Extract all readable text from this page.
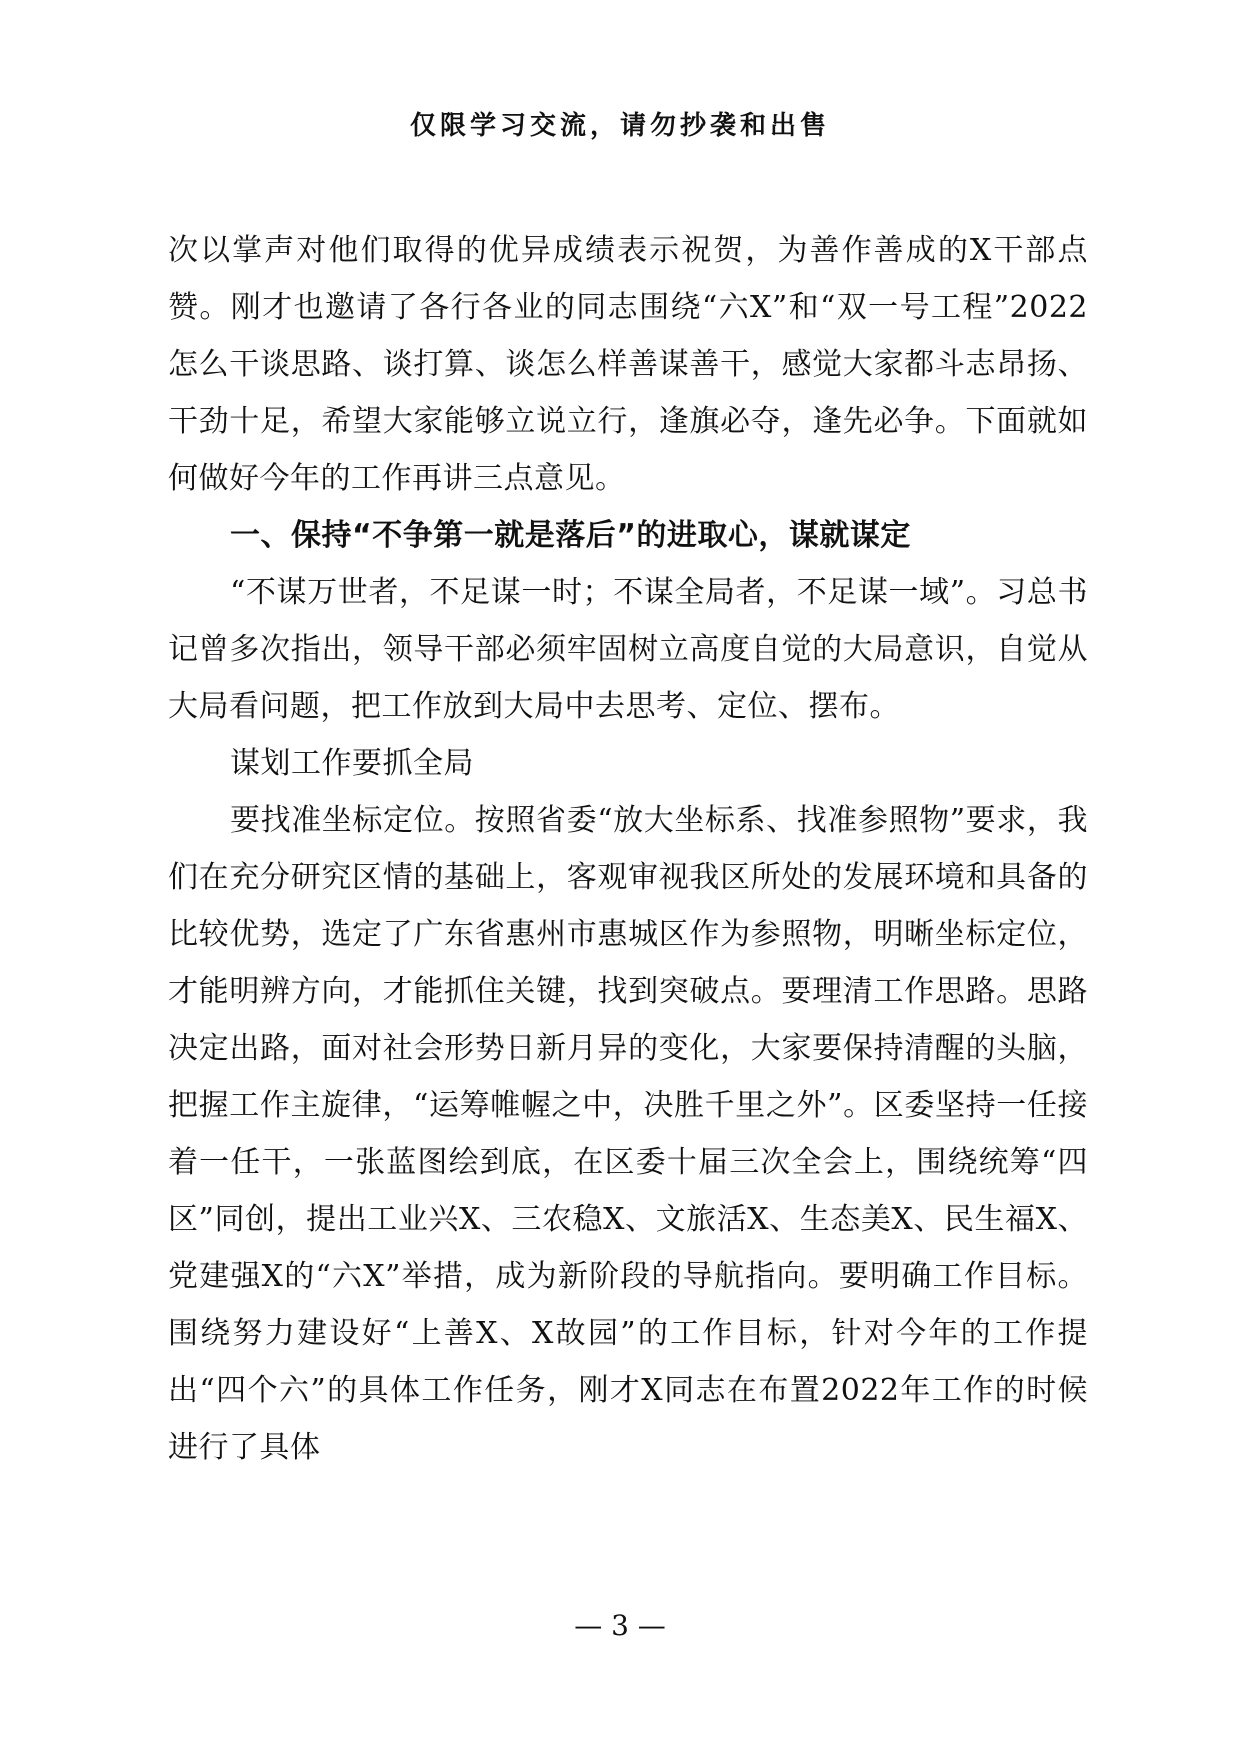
仅限学习交流，请勿抄袭和出售

次以掌声对他们取得的优异成绩表示祝贺，为善作善成的X干部点赞。刚才也邀请了各行各业的同志围绕“六X”和“双一号工程”2022怎么干谈思路、谈打算、谈怎么样善谋善干，感觉大家都斗志昂扬、干劲十足，希望大家能够立说立行，逢旗必夺，逢先必争。下面就如何做好今年的工作再讲三点意见。

一、保持“不争第一就是落后”的进取心，谋就谋定

“不谋万世者，不足谋一时；不谋全局者，不足谋一域”。习总书记曾多次指出，领导干部必须牢固树立高度自觉的大局意识，自觉从大局看问题，把工作放到大局中去思考、定位、摆布。

谋划工作要抓全局

要找准坐标定位。按照省委“放大坐标系、找准参照物”要求，我们在充分研究区情的基础上，客观审视我区所处的发展环境和具备的比较优势，选定了广东省惠州市惠城区作为参照物，明晰坐标定位，才能明辨方向，才能抓住关键，找到突破点。要理清工作思路。思路决定出路，面对社会形势日新月异的变化，大家要保持清醒的头脑，把握工作主旋律，“运筹帷幄之中，决胜千里之外”。区委坚持一任接着一任干，一张蓝图绘到底，在区委十届三次全会上，围绕统筹“四区”同创，提出工业兴X、三农稳X、文旅活X、生态美X、民生福X、党建强X的“六X”举措，成为新阶段的导航指向。要明确工作目标。围绕努力建设好“上善X、X故园”的工作目标，针对今年的工作提出“四个六”的具体工作任务，刚才X同志在布置2022年工作的时候进行了具体

— 3 —
